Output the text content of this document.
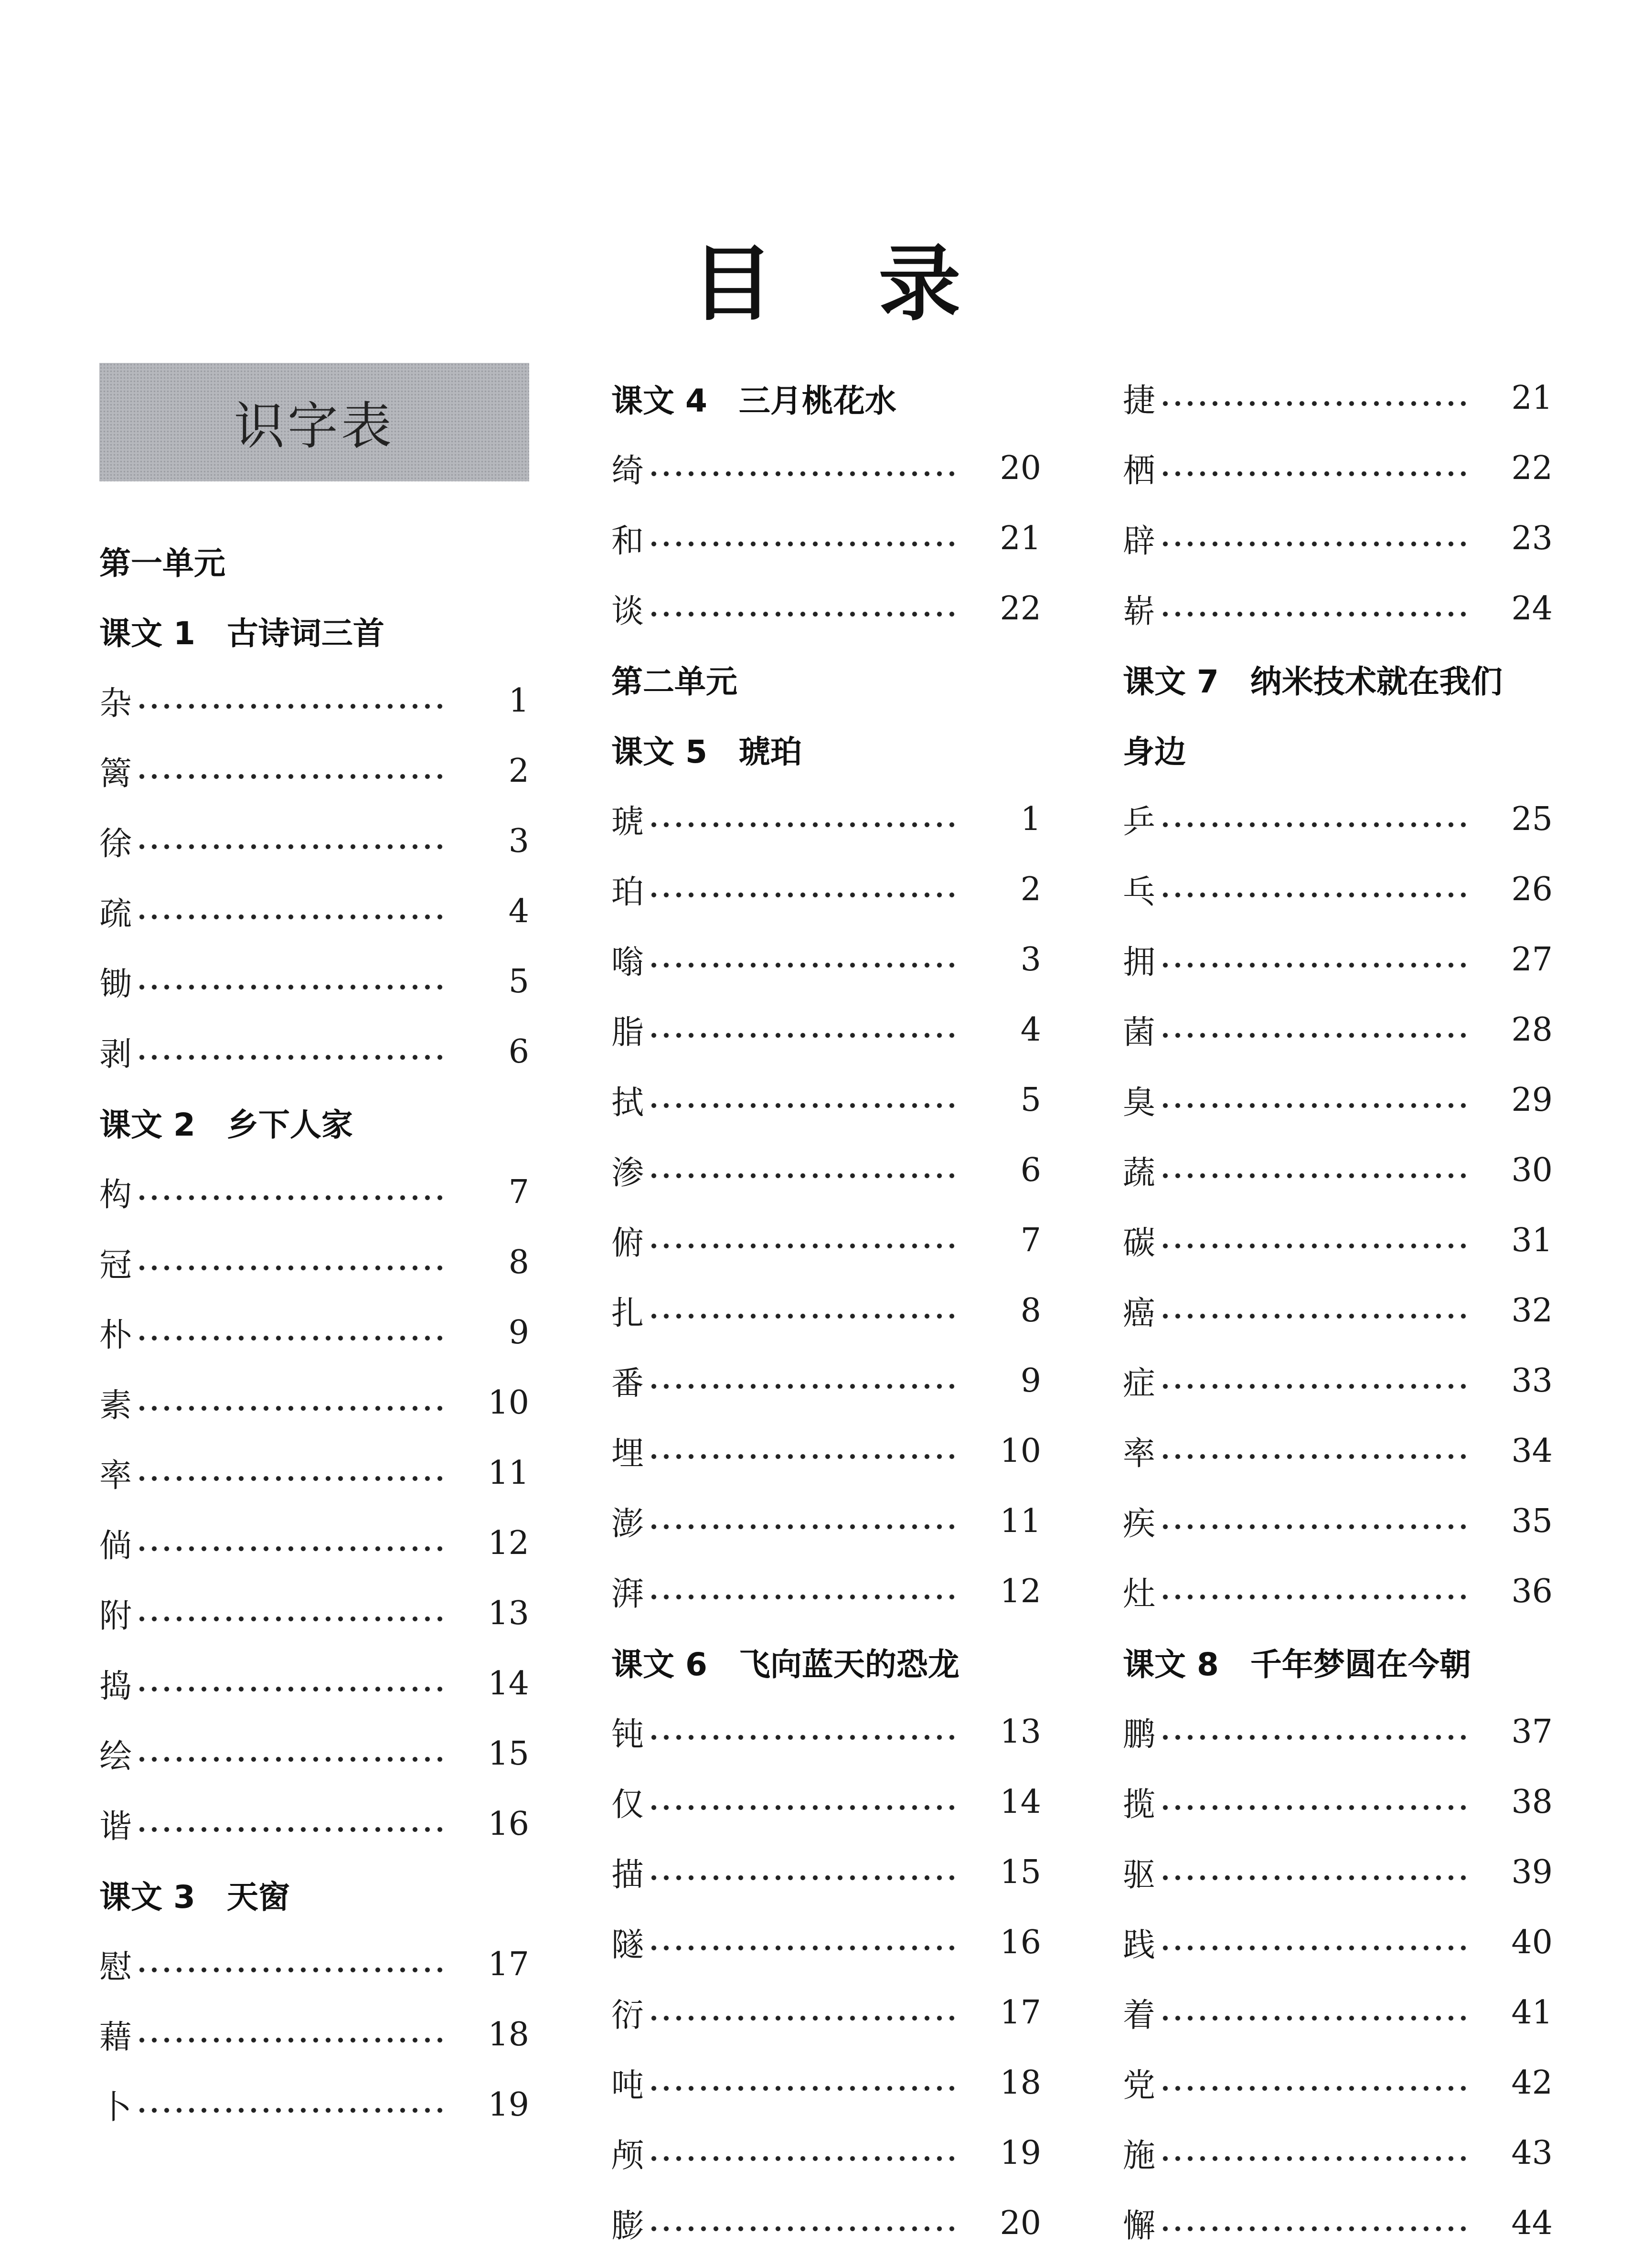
目 录
识字表
第一单元
课文 1　古诗词三首
杂	1
篱	2
徐	3
疏	4
锄	5
剥	6
课文 2　乡下人家
构	7
冠	8
朴	9
素	10
率	11
倘	12
附	13
捣	14
绘	15
谐	16
课文 3　天窗
慰	17
藉	18
卜	19
课文 4　三月桃花水
绮	20
和	21
谈	22
第二单元
课文 5　琥珀
琥	1
珀	2
嗡	3
脂	4
拭	5
渗	6
俯	7
扎	8
番	9
埋	10
澎	11
湃	12
课文 6　飞向蓝天的恐龙
钝	13
仅	14
描	15
隧	16
衍	17
吨	18
颅	19
膨	20
捷	21
栖	22
辟	23
崭	24
课文 7　纳米技术就在我们
身边
乒	25
乓	26
拥	27
菌	28
臭	29
蔬	30
碳	31
癌	32
症	33
率	34
疾	35
灶	36
课文 8　千年梦圆在今朝
鹏	37
揽	38
驱	39
践	40
着	41
党	42
施	43
懈	44
